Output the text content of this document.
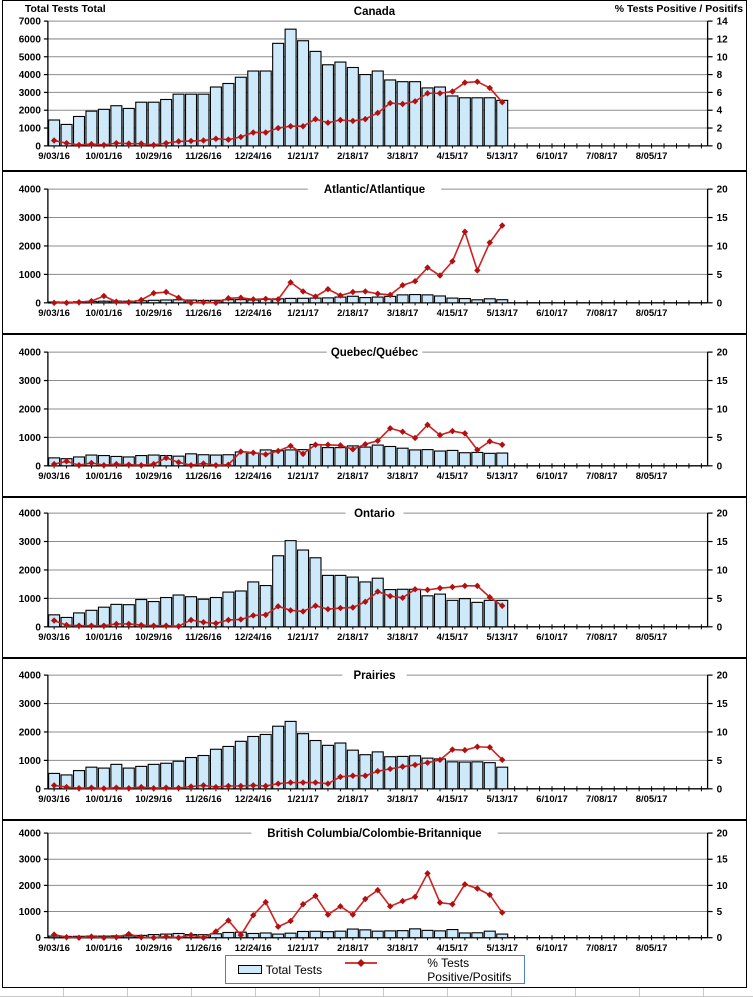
0
1000
2000
3000
4000
5000
6000
7000
0
2
4
6
8
10
12
14
9/03/16 10/01/16 10/29/16 11/26/16 12/24/16 1/21/17 2/18/17 3/18/17 4/15/17 5/13/17 6/10/17 7/08/17 8/05/17
Canada
Total Tests Total	% Tests Positive / Positifs
0
1000
2000
3000
4000
0
5
10
15
20
9/03/16 10/01/16 10/29/16 11/26/16 12/24/16 1/21/17 2/18/17 3/18/17 4/15/17 5/13/17 6/10/17 7/08/17 8/05/17
Atlantic/Atlantique
0
1000
2000
3000
4000
0
5
10
15
20
9/03/16 10/01/16 10/29/16 11/26/16 12/24/16 1/21/17 2/18/17 3/18/17 4/15/17 5/13/17 6/10/17 7/08/17 8/05/17
Quebec/Québec
0
1000
2000
3000
4000
0
5
10
15
20
9/03/16 10/01/16 10/29/16 11/26/16 12/24/16 1/21/17 2/18/17 3/18/17 4/15/17 5/13/17 6/10/17 7/08/17 8/05/17
Ontario
0
1000
2000
3000
4000
0
5
10
15
20
9/03/16 10/01/16 10/29/16 11/26/16 12/24/16 1/21/17 2/18/17 3/18/17 4/15/17 5/13/17 6/10/17 7/08/17 8/05/17
Prairies
0
1000
2000
3000
4000
0
5
10
15
20
9/03/16 10/01/16 10/29/16 11/26/16 12/24/16 1/21/17 2/18/17 3/18/17 4/15/17 5/13/17 6/10/17 7/08/17 8/05/17
British Columbia/Colombie-Britannique
Total Tests	% Tests Positive/Positifs
